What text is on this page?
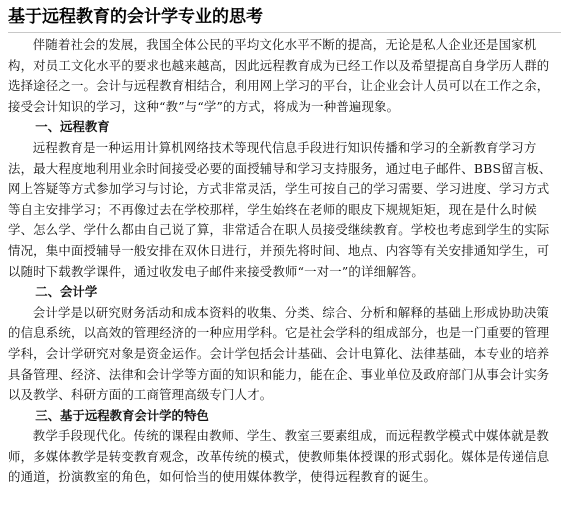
基于远程教育的会计学专业的思考

伴随着社会的发展，我国全体公民的平均文化水平不断的提高，无论是私人企业还是国家机构，对员工文化水平的要求也越来越高，因此远程教育成为已经工作以及希望提高自身学历人群的选择途径之一。会计与远程教育相结合，利用网上学习的平台，让企业会计人员可以在工作之余，接受会计知识的学习，这种“教”与“学”的方式，将成为一种普遍现象。

一、远程教育

远程教育是一种运用计算机网络技术等现代信息手段进行知识传播和学习的全新教育学习方法，最大程度地利用业余时间接受必要的面授辅导和学习支持服务，通过电子邮件、BBS留言板、网上答疑等方式参加学习与讨论，方式非常灵活，学生可按自己的学习需要、学习进度、学习方式等自主安排学习；不再像过去在学校那样，学生始终在老师的眼皮下规规矩矩，现在是什么时候学、怎么学、学什么都由自己说了算，非常适合在职人员接受继续教育。学校也考虑到学生的实际情况，集中面授辅导一般安排在双休日进行，并预先将时间、地点、内容等有关安排通知学生，可以随时下载教学课件，通过收发电子邮件来接受教师“一对一”的详细解答。

二、会计学

会计学是以研究财务活动和成本资料的收集、分类、综合、分析和解释的基础上形成协助决策的信息系统，以高效的管理经济的一种应用学科。它是社会学科的组成部分，也是一门重要的管理学科，会计学研究对象是资金运作。会计学包括会计基础、会计电算化、法律基础，本专业的培养具备管理、经济、法律和会计学等方面的知识和能力，能在企、事业单位及政府部门从事会计实务以及教学、科研方面的工商管理高级专门人才。

三、基于远程教育会计学的特色

教学手段现代化。传统的课程由教师、学生、教室三要素组成，而远程教学模式中媒体就是教师，多媒体教学是转变教育观念，改革传统的模式，使教师集体授课的形式弱化。媒体是传递信息的通道，扮演教室的角色，如何恰当的使用媒体教学，使得远程教育的诞生。
